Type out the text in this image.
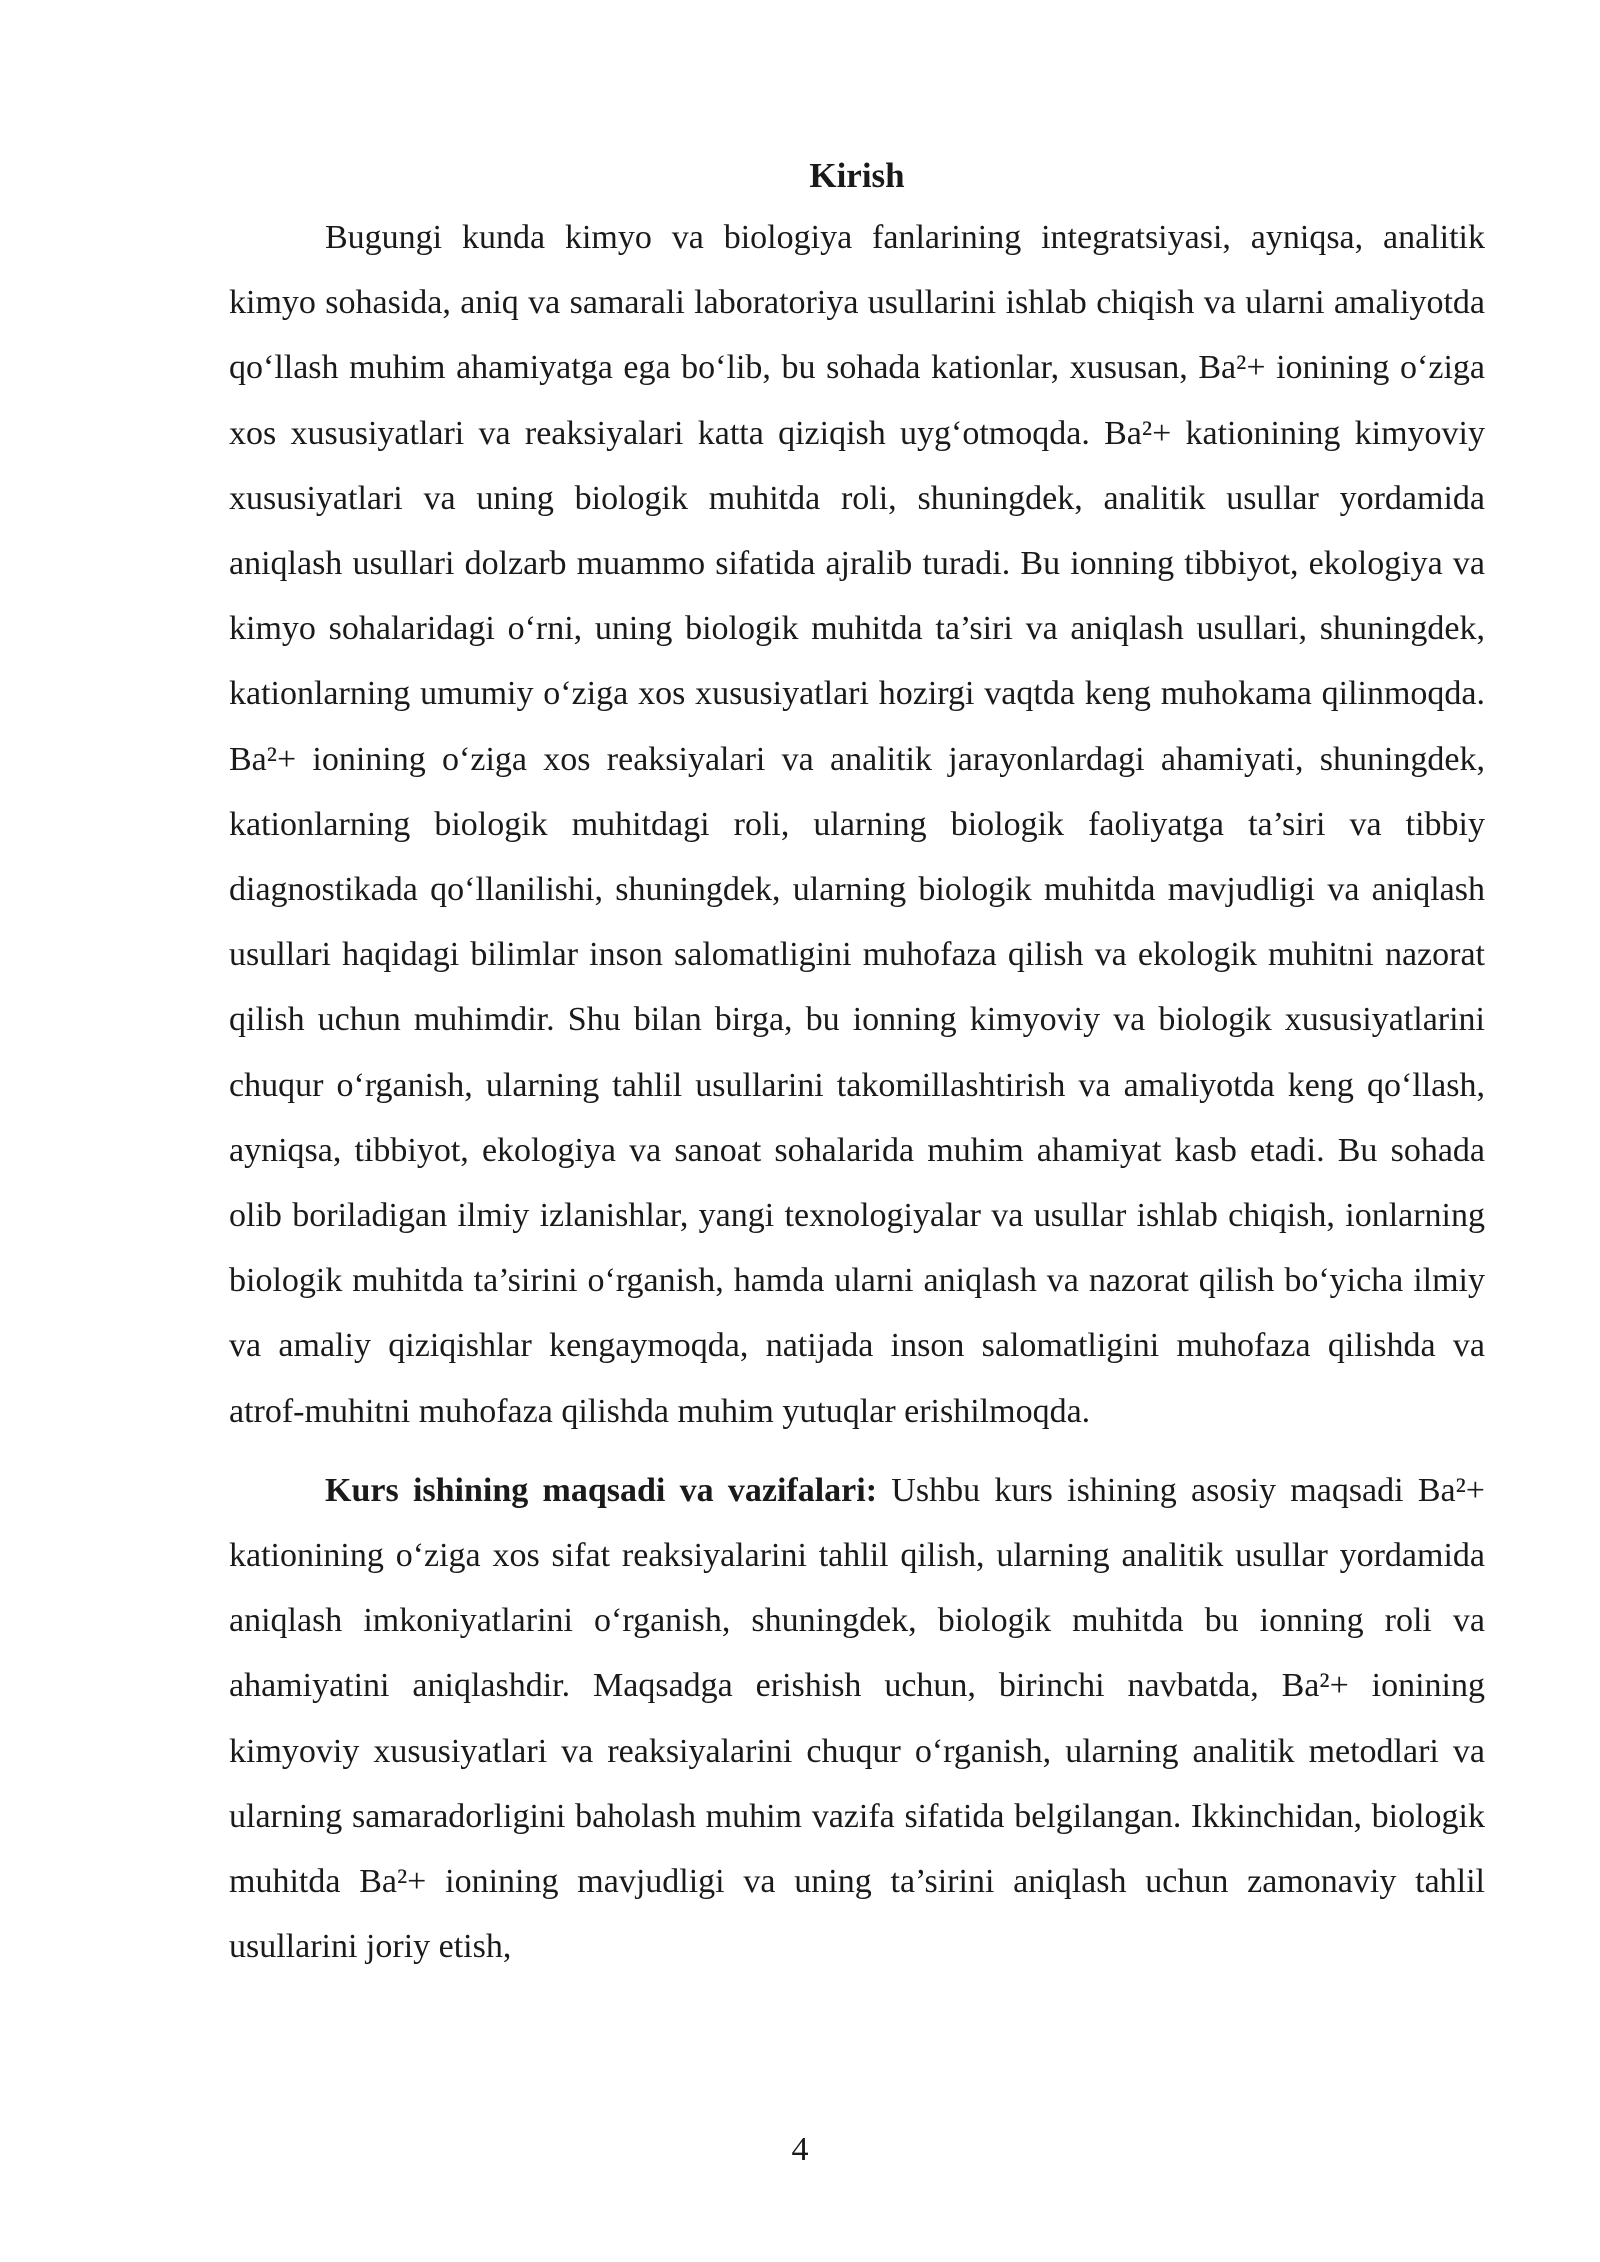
Kirish

Bugungi kunda kimyo va biologiya fanlarining integratsiyasi, ayniqsa, analitik kimyo sohasida, aniq va samarali laboratoriya usullarini ishlab chiqish va ularni amaliyotda qo‘llash muhim ahamiyatga ega bo‘lib, bu sohada kationlar, xususan, Ba²+ ionining o‘ziga xos xususiyatlari va reaksiyalari katta qiziqish uyg‘otmoqda. Ba²+ kationining kimyoviy xususiyatlari va uning biologik muhitda roli, shuningdek, analitik usullar yordamida aniqlash usullari dolzarb muammo sifatida ajralib turadi. Bu ionning tibbiyot, ekologiya va kimyo sohalaridagi o‘rni, uning biologik muhitda ta’siri va aniqlash usullari, shuningdek, kationlarning umumiy o‘ziga xos xususiyatlari hozirgi vaqtda keng muhokama qilinmoqda. Ba²+ ionining o‘ziga xos reaksiyalari va analitik jarayonlardagi ahamiyati, shuningdek, kationlarning biologik muhitdagi roli, ularning biologik faoliyatga ta’siri va tibbiy diagnostikada qo‘llanilishi, shuningdek, ularning biologik muhitda mavjudligi va aniqlash usullari haqidagi bilimlar inson salomatligini muhofaza qilish va ekologik muhitni nazorat qilish uchun muhimdir. Shu bilan birga, bu ionning kimyoviy va biologik xususiyatlarini chuqur o‘rganish, ularning tahlil usullarini takomillashtirish va amaliyotda keng qo‘llash, ayniqsa, tibbiyot, ekologiya va sanoat sohalarida muhim ahamiyat kasb etadi. Bu sohada olib boriladigan ilmiy izlanishlar, yangi texnologiyalar va usullar ishlab chiqish, ionlarning biologik muhitda ta’sirini o‘rganish, hamda ularni aniqlash va nazorat qilish bo‘yicha ilmiy va amaliy qiziqishlar kengaymoqda, natijada inson salomatligini muhofaza qilishda va atrof-muhitni muhofaza qilishda muhim yutuqlar erishilmoqda.

Kurs ishining maqsadi va vazifalari: Ushbu kurs ishining asosiy maqsadi Ba²+ kationining o‘ziga xos sifat reaksiyalarini tahlil qilish, ularning analitik usullar yordamida aniqlash imkoniyatlarini o‘rganish, shuningdek, biologik muhitda bu ionning roli va ahamiyatini aniqlashdir. Maqsadga erishish uchun, birinchi navbatda, Ba²+ ionining kimyoviy xususiyatlari va reaksiyalarini chuqur o‘rganish, ularning analitik metodlari va ularning samaradorligini baholash muhim vazifa sifatida belgilangan. Ikkinchidan, biologik muhitda Ba²+ ionining mavjudligi va uning ta’sirini aniqlash uchun zamonaviy tahlil usullarini joriy etish,

4
